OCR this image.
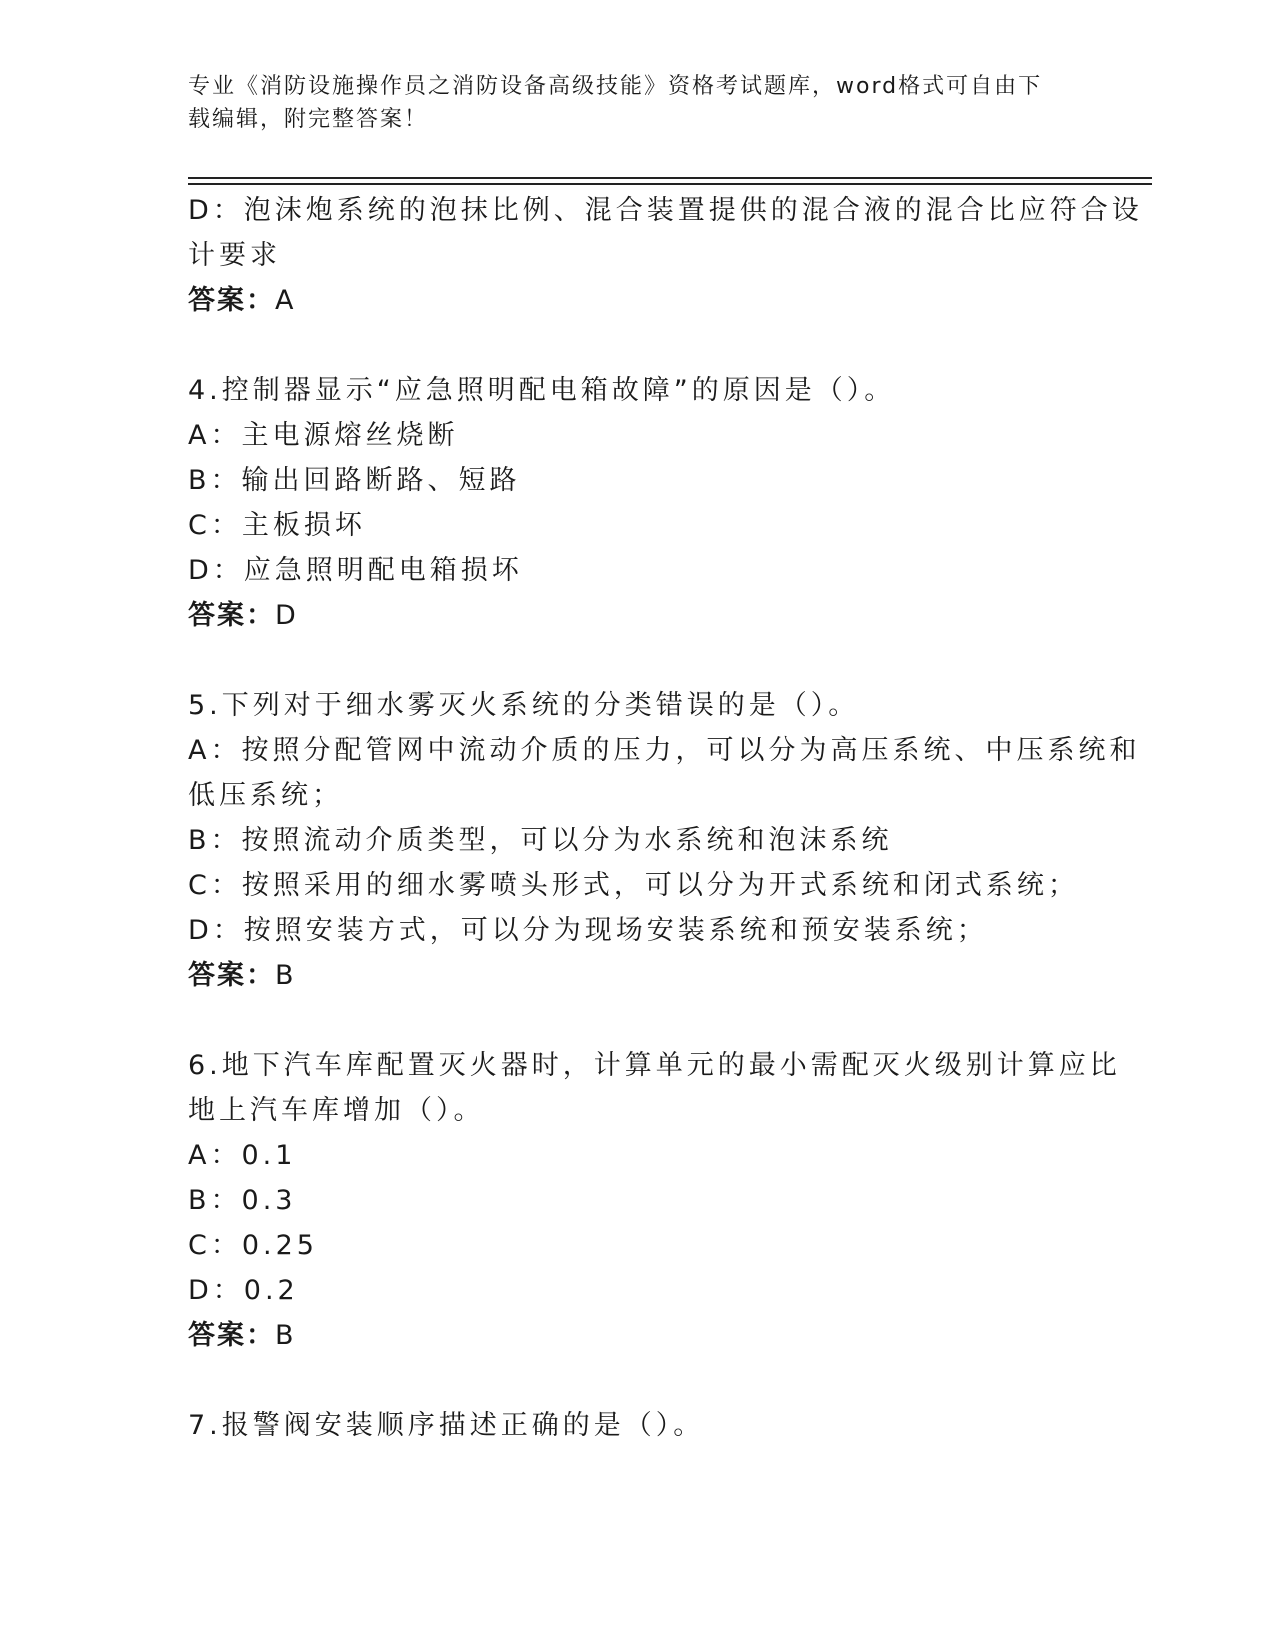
专业《消防设施操作员之消防设备高级技能》资格考试题库，word格式可自由下
载编辑，附完整答案！
D：泡沫炮系统的泡抹比例、混合装置提供的混合液的混合比应符合设
计要求
答案：A
4.控制器显示“应急照明配电箱故障”的原因是（）。
A：主电源熔丝烧断
B：输出回路断路、短路
C：主板损坏
D：应急照明配电箱损坏
答案：D
5.下列对于细水雾灭火系统的分类错误的是（）。
A：按照分配管网中流动介质的压力，可以分为高压系统、中压系统和
低压系统；
B：按照流动介质类型，可以分为水系统和泡沫系统
C：按照采用的细水雾喷头形式，可以分为开式系统和闭式系统；
D：按照安装方式，可以分为现场安装系统和预安装系统；
答案：B
6.地下汽车库配置灭火器时，计算单元的最小需配灭火级别计算应比
地上汽车库增加（）。
A：0.1
B：0.3
C：0.25
D：0.2
答案：B
7.报警阀安装顺序描述正确的是（）。
